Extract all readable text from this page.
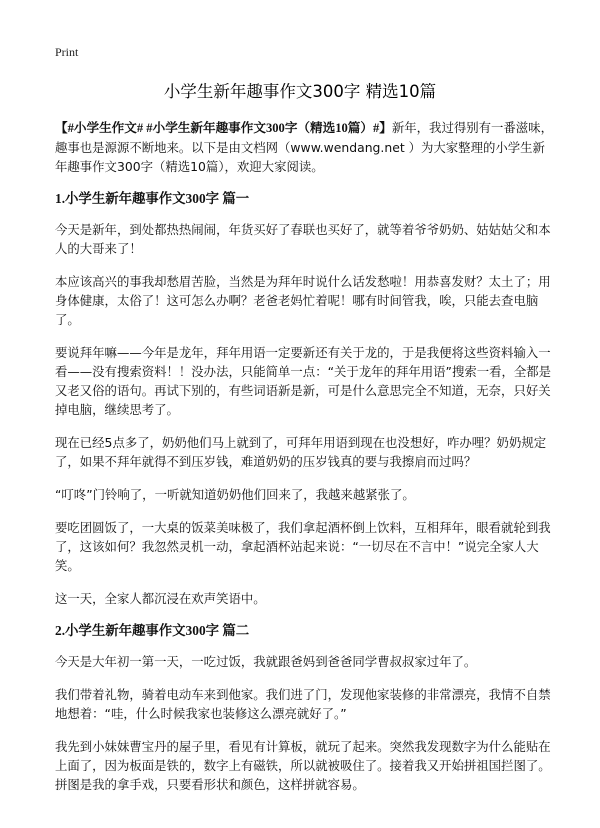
Print
小学生新年趣事作文300字 精选10篇

【#小学生作文# #小学生新年趣事作文300字（精选10篇）#】新年，我过得别有一番滋味，趣事也是源源不断地来。以下是由文档网（www.wendang.net ）为大家整理的小学生新年趣事作文300字（精选10篇），欢迎大家阅读。

1.小学生新年趣事作文300字 篇一

今天是新年，到处都热热闹闹，年货买好了春联也买好了，就等着爷爷奶奶、姑姑姑父和本人的大哥来了！

本应该高兴的事我却愁眉苦脸，当然是为拜年时说什么话发愁啦！用恭喜发财？太土了；用身体健康，太俗了！这可怎么办啊？老爸老妈忙着呢！哪有时间管我，唉，只能去查电脑了。

要说拜年嘛——今年是龙年，拜年用语一定要新还有关于龙的，于是我便将这些资料输入一看——没有搜索资料！！没办法，只能简单一点：“关于龙年的拜年用语”搜索一看，全都是又老又俗的语句。再试下别的，有些词语新是新，可是什么意思完全不知道，无奈，只好关掉电脑，继续思考了。

现在已经5点多了，奶奶他们马上就到了，可拜年用语到现在也没想好，咋办哩？奶奶规定了，如果不拜年就得不到压岁钱，难道奶奶的压岁钱真的要与我擦肩而过吗？

“叮咚”门铃响了，一听就知道奶奶他们回来了，我越来越紧张了。

要吃团圆饭了，一大桌的饭菜美味极了，我们拿起酒杯倒上饮料，互相拜年，眼看就轮到我了，这该如何？我忽然灵机一动，拿起酒杯站起来说：“一切尽在不言中！”说完全家人大笑。

这一天，全家人都沉浸在欢声笑语中。

2.小学生新年趣事作文300字 篇二

今天是大年初一第一天，一吃过饭，我就跟爸妈到爸爸同学曹叔叔家过年了。

我们带着礼物，骑着电动车来到他家。我们进了门，发现他家装修的非常漂亮，我情不自禁地想着：“哇，什么时候我家也装修这么漂亮就好了。”

我先到小妹妹曹宝丹的屋子里，看见有计算板，就玩了起来。突然我发现数字为什么能贴在上面了，因为板面是铁的，数字上有磁铁，所以就被吸住了。接着我又开始拼祖国拦图了。拼图是我的拿手戏，只要看形状和颜色，这样拼就容易。
